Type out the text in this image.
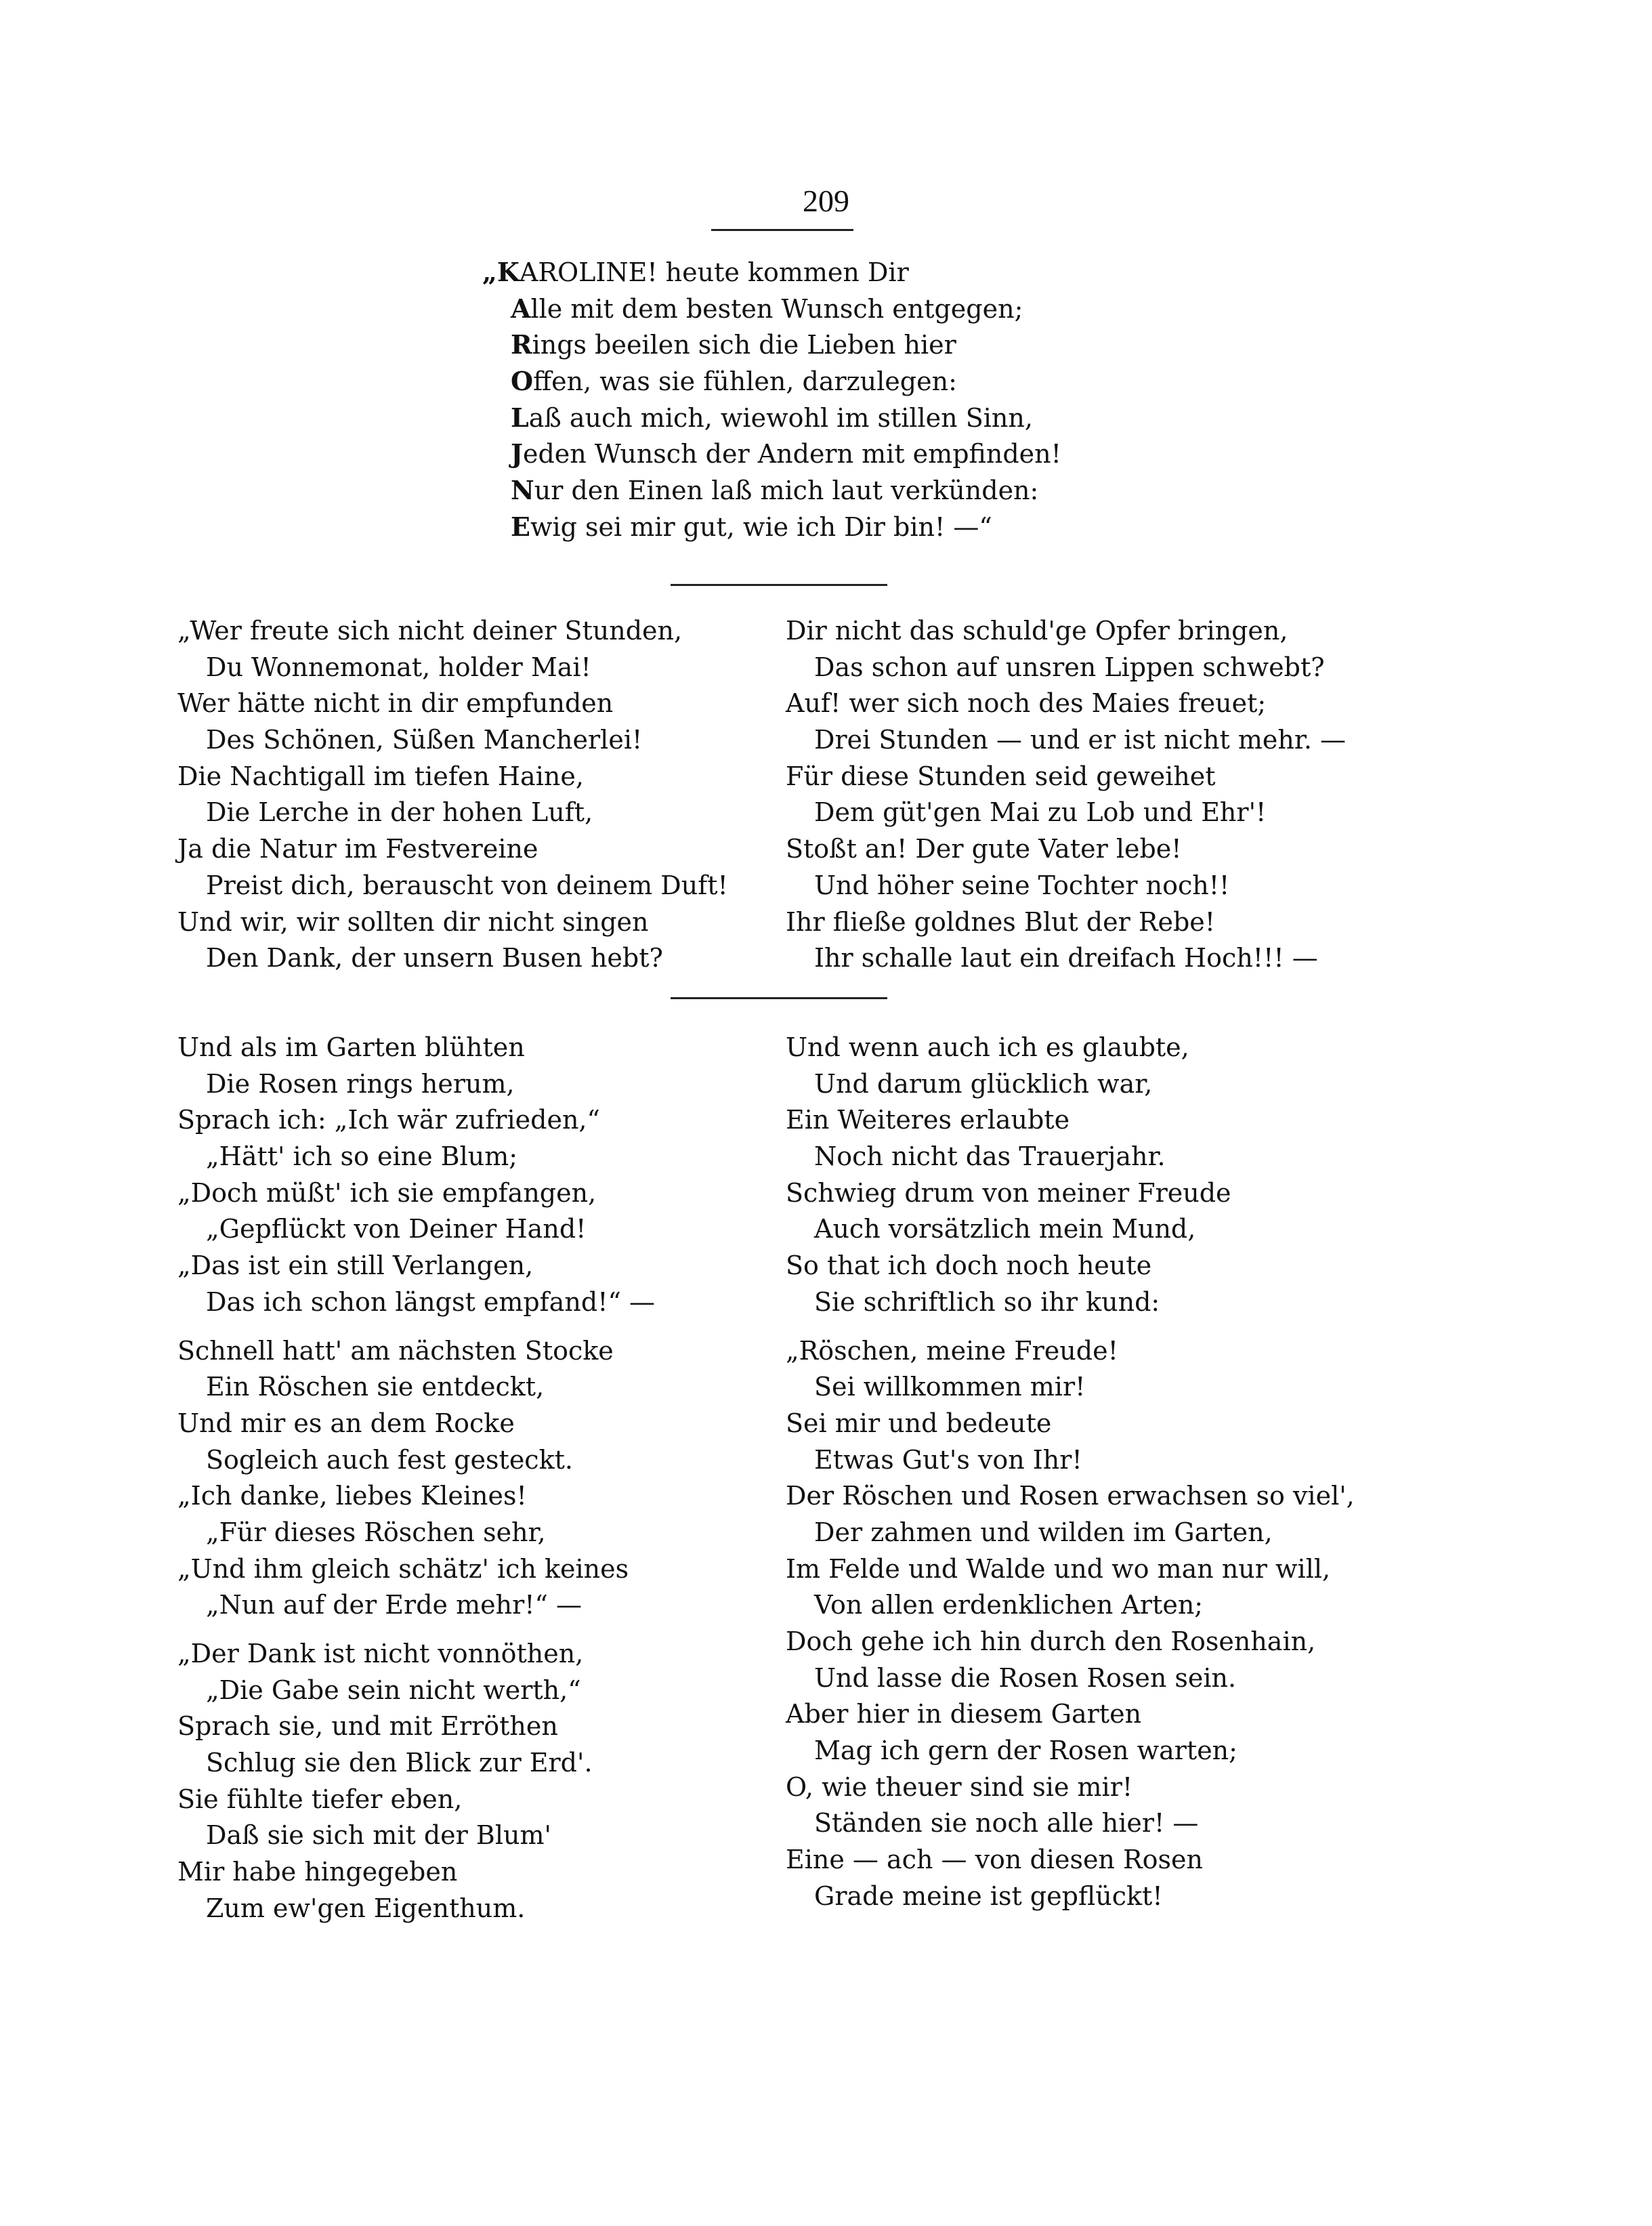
209
„KAROLINE! heute kommen Dir
Alle mit dem besten Wunsch entgegen;
Rings beeilen sich die Lieben hier
Offen, was sie fühlen, darzulegen:
Laß auch mich, wiewohl im stillen Sinn,
Jeden Wunsch der Andern mit empfinden!
Nur den Einen laß mich laut verkünden:
Ewig sei mir gut, wie ich Dir bin! —“
„Wer freute sich nicht deiner Stunden,
Du Wonnemonat, holder Mai!
Wer hätte nicht in dir empfunden
Des Schönen, Süßen Mancherlei!
Die Nachtigall im tiefen Haine,
Die Lerche in der hohen Luft,
Ja die Natur im Festvereine
Preist dich, berauscht von deinem Duft!
Und wir, wir sollten dir nicht singen
Den Dank, der unsern Busen hebt?
Dir nicht das schuld'ge Opfer bringen,
Das schon auf unsren Lippen schwebt?
Auf! wer sich noch des Maies freuet;
Drei Stunden — und er ist nicht mehr. —
Für diese Stunden seid geweihet
Dem güt'gen Mai zu Lob und Ehr'!
Stoßt an! Der gute Vater lebe!
Und höher seine Tochter noch!!
Ihr fließe goldnes Blut der Rebe!
Ihr schalle laut ein dreifach Hoch!!! —
Und als im Garten blühten
Die Rosen rings herum,
Sprach ich: „Ich wär zufrieden,“
„Hätt' ich so eine Blum;
„Doch müßt' ich sie empfangen,
„Gepflückt von Deiner Hand!
„Das ist ein still Verlangen,
Das ich schon längst empfand!“ —
Schnell hatt' am nächsten Stocke
Ein Röschen sie entdeckt,
Und mir es an dem Rocke
Sogleich auch fest gesteckt.
„Ich danke, liebes Kleines!
„Für dieses Röschen sehr,
„Und ihm gleich schätz' ich keines
„Nun auf der Erde mehr!“ —
„Der Dank ist nicht vonnöthen,
„Die Gabe sein nicht werth,“
Sprach sie, und mit Erröthen
Schlug sie den Blick zur Erd'.
Sie fühlte tiefer eben,
Daß sie sich mit der Blum'
Mir habe hingegeben
Zum ew'gen Eigenthum.
Und wenn auch ich es glaubte,
Und darum glücklich war,
Ein Weiteres erlaubte
Noch nicht das Trauerjahr.
Schwieg drum von meiner Freude
Auch vorsätzlich mein Mund,
So that ich doch noch heute
Sie schriftlich so ihr kund:
„Röschen, meine Freude!
Sei willkommen mir!
Sei mir und bedeute
Etwas Gut's von Ihr!
Der Röschen und Rosen erwachsen so viel',
Der zahmen und wilden im Garten,
Im Felde und Walde und wo man nur will,
Von allen erdenklichen Arten;
Doch gehe ich hin durch den Rosenhain,
Und lasse die Rosen Rosen sein.
Aber hier in diesem Garten
Mag ich gern der Rosen warten;
O, wie theuer sind sie mir!
Ständen sie noch alle hier! —
Eine — ach — von diesen Rosen
Grade meine ist gepflückt!
